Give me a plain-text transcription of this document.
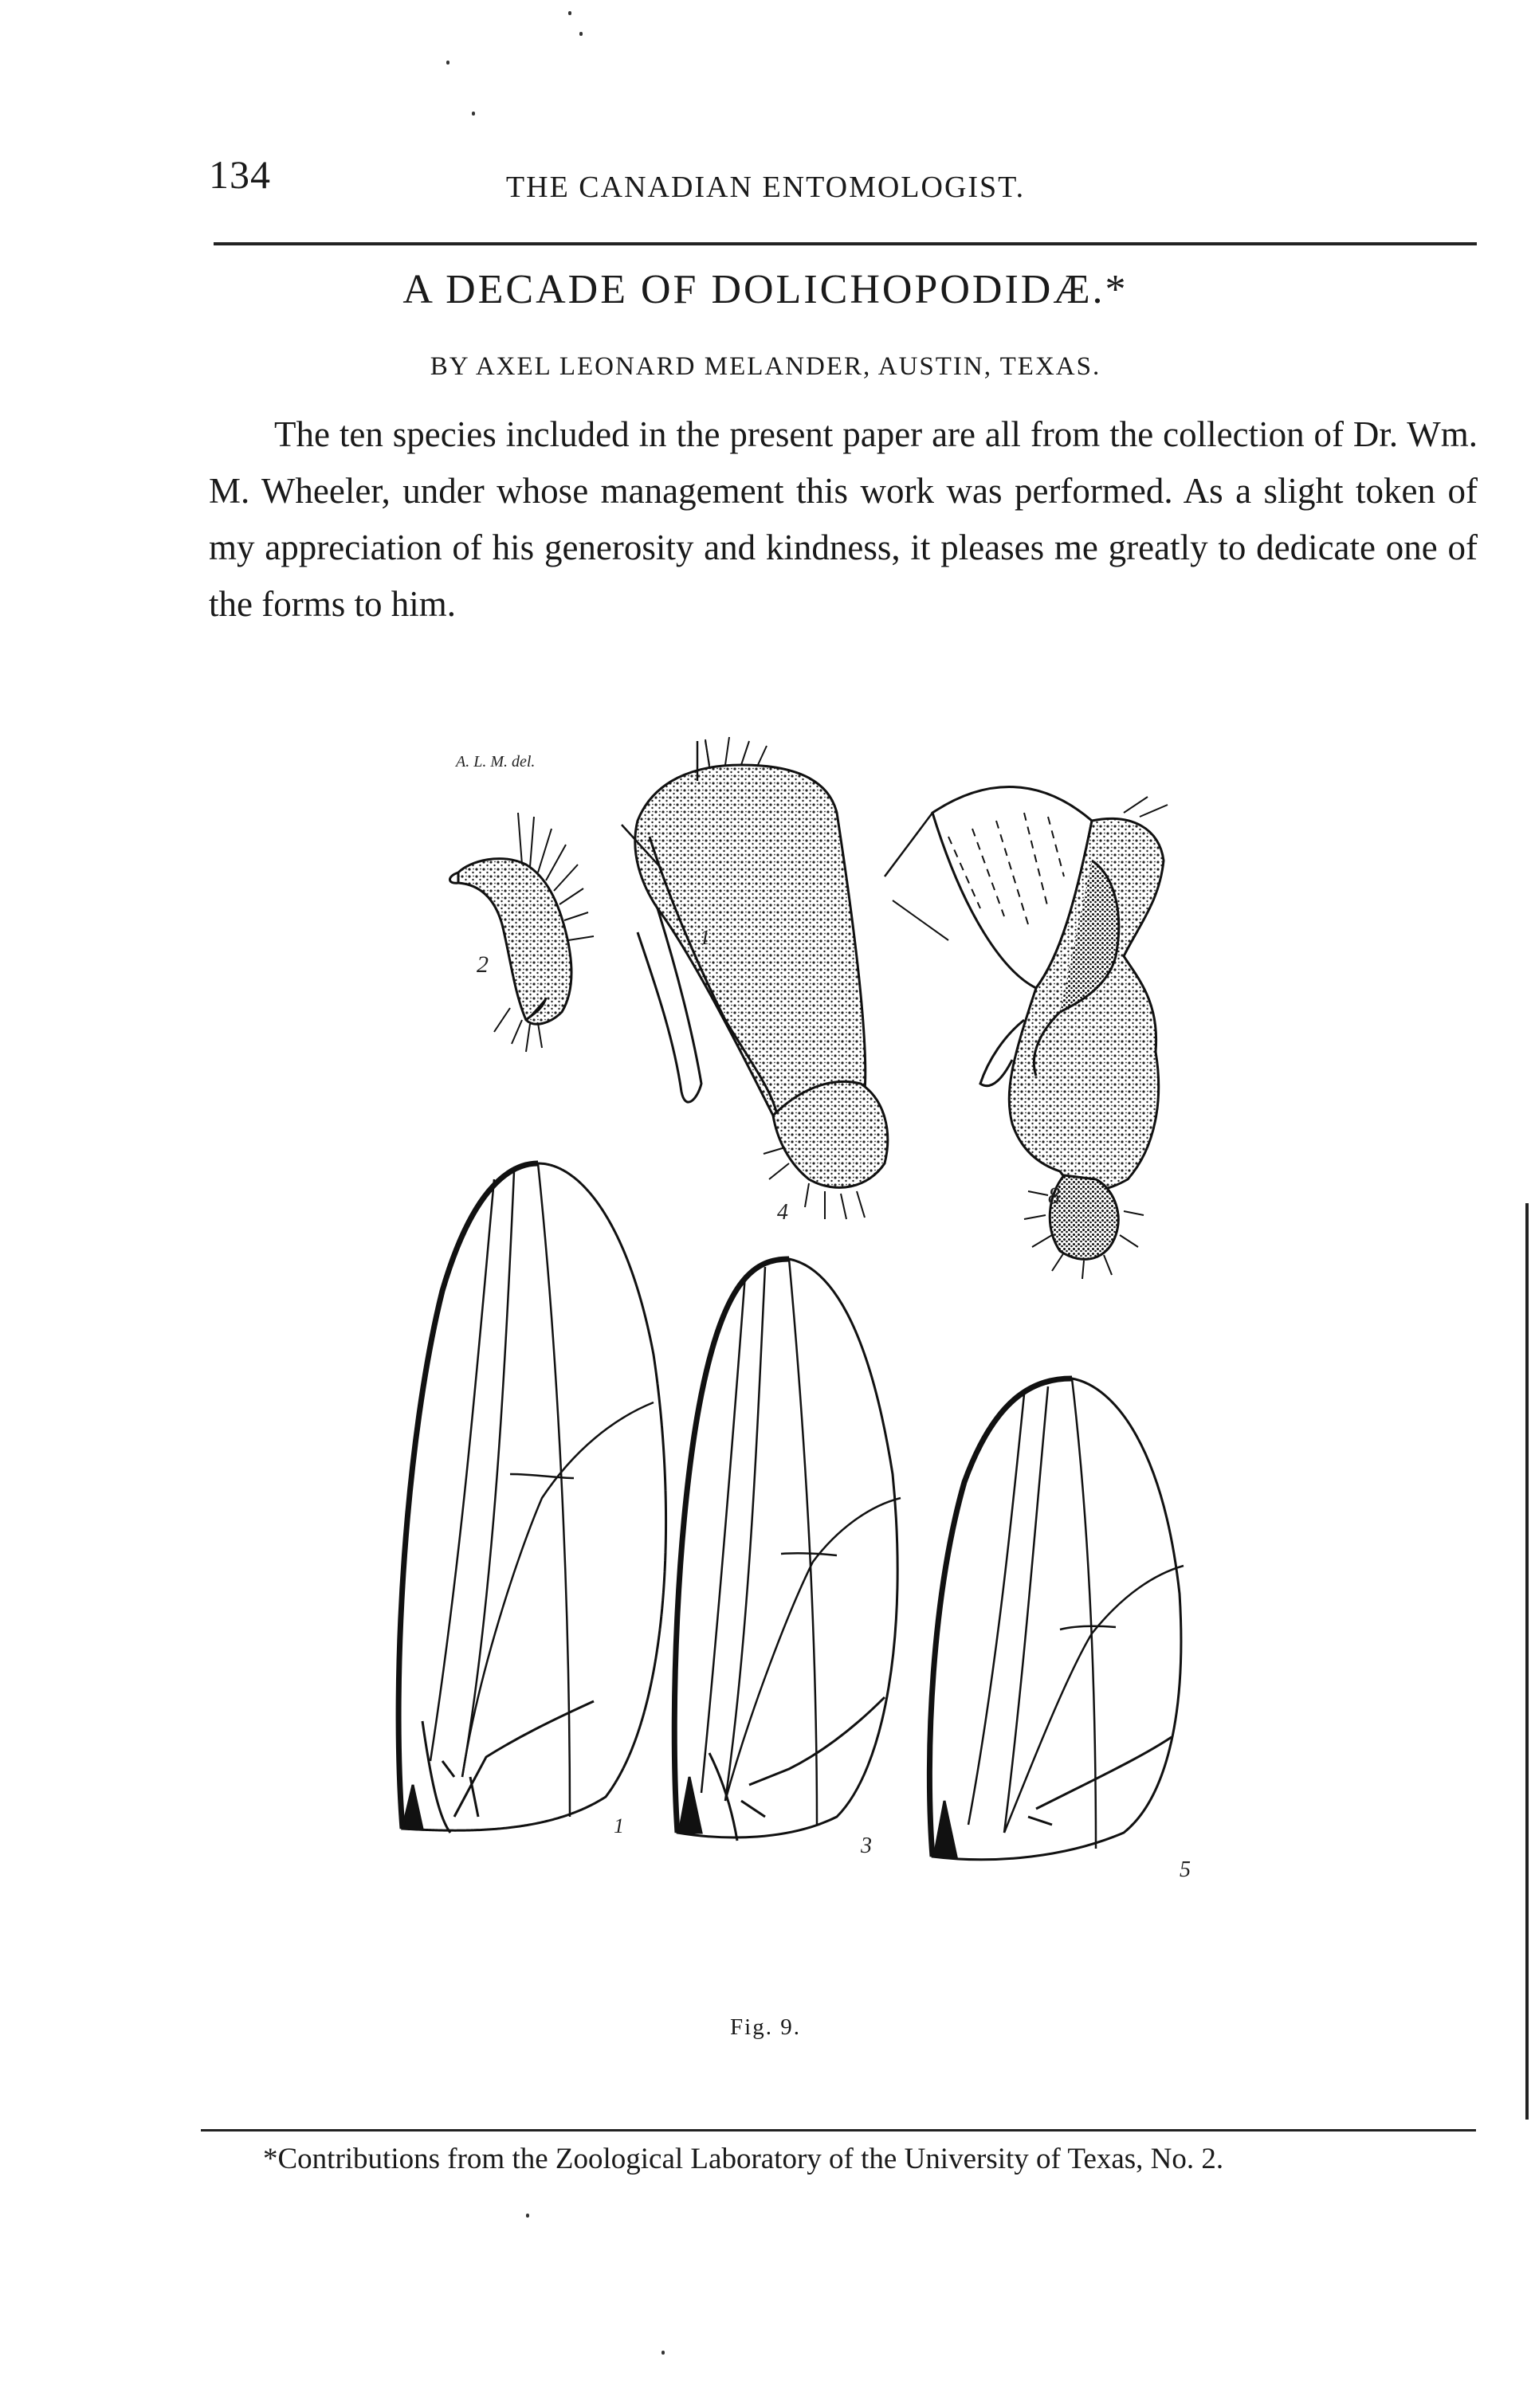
134	THE CANADIAN ENTOMOLOGIST.
A DECADE OF DOLICHOPODIDÆ.*
BY AXEL LEONARD MELANDER, AUSTIN, TEXAS.

The ten species included in the present paper are all from the collection of Dr. Wm. M. Wheeler, under whose management this work was performed. As a slight token of my appreciation of his generosity and kindness, it pleases me greatly to dedicate one of the forms to him.

A. L. M. del.
2
1
4
8
1
3
5
Fig. 9.
*Contributions from the Zoological Laboratory of the University of Texas, No. 2.
